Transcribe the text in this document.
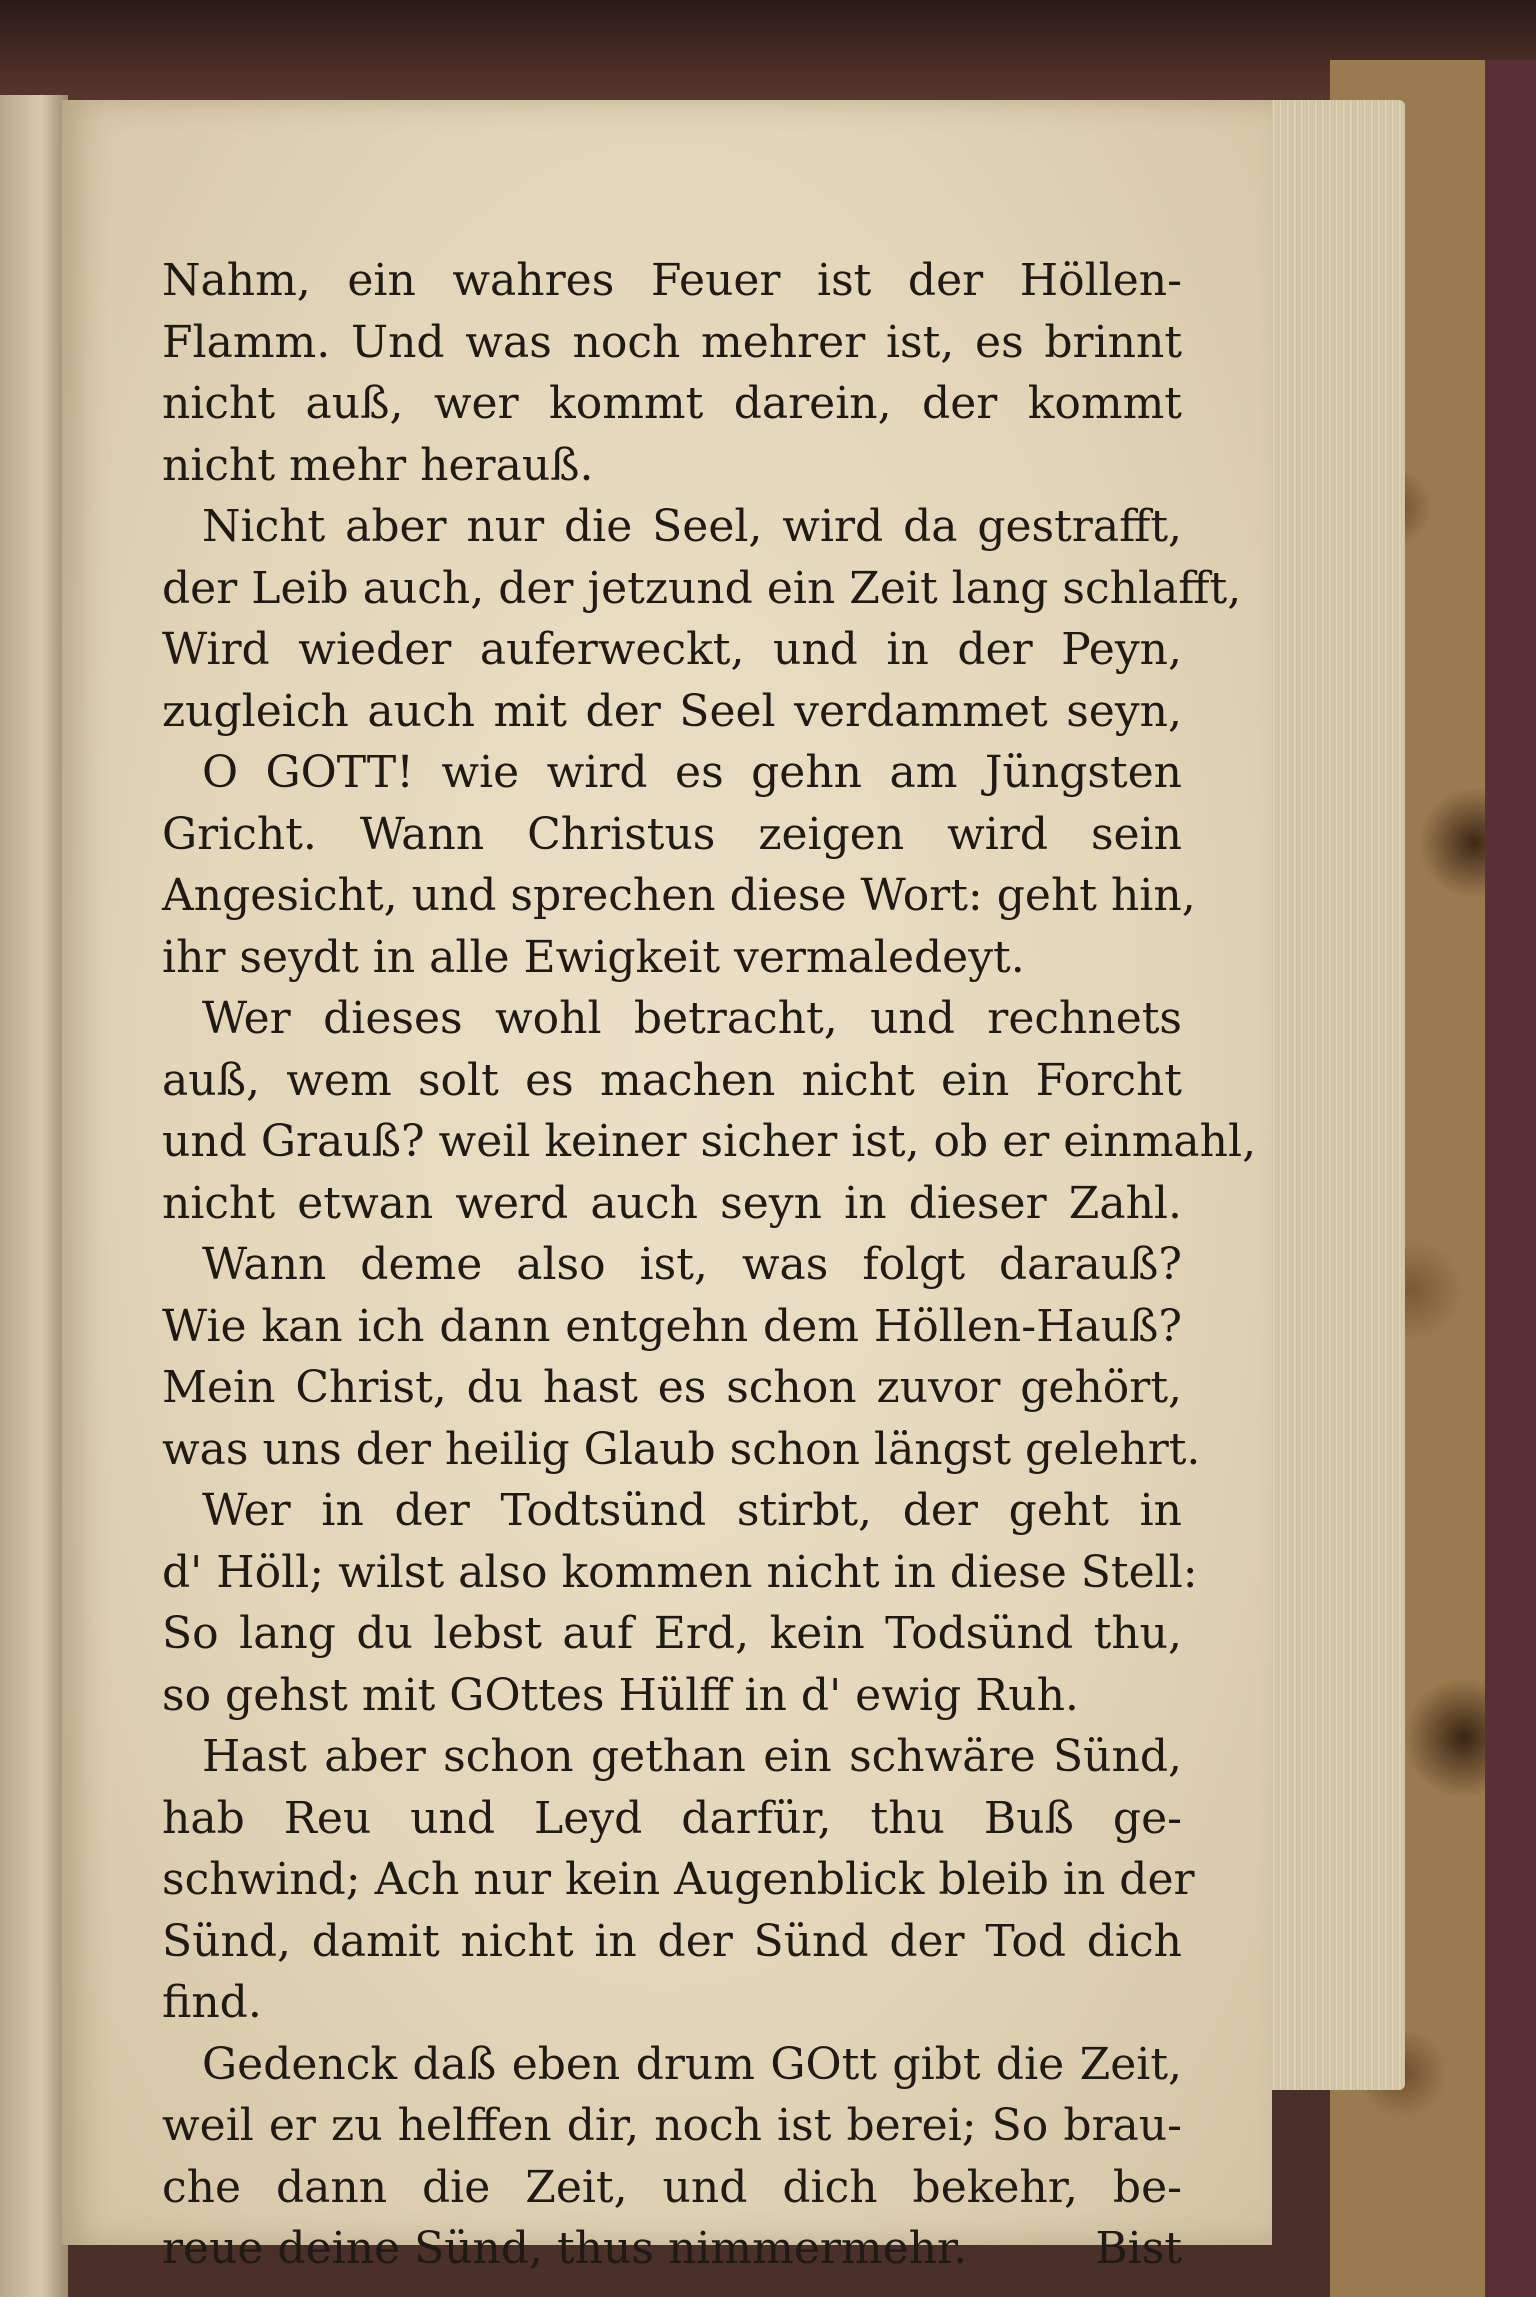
Nahm, ein wahres Feuer ist der Höllen-
Flamm. Und was noch mehrer ist, es brinnt
nicht auß, wer kommt darein, der kommt
nicht mehr herauß.
Nicht aber nur die Seel, wird da gestrafft,
der Leib auch, der jetzund ein Zeit lang schlafft,
Wird wieder auferweckt, und in der Peyn,
zugleich auch mit der Seel verdammet seyn,
O GOTT! wie wird es gehn am Jüngsten
Gricht. Wann Christus zeigen wird sein
Angesicht, und sprechen diese Wort: geht hin,
ihr seydt in alle Ewigkeit vermaledeyt.
Wer dieses wohl betracht, und rechnets
auß, wem solt es machen nicht ein Forcht
und Grauß? weil keiner sicher ist, ob er einmahl,
nicht etwan werd auch seyn in dieser Zahl.
Wann deme also ist, was folgt darauß?
Wie kan ich dann entgehn dem Höllen-Hauß?
Mein Christ, du hast es schon zuvor gehört,
was uns der heilig Glaub schon längst gelehrt.
Wer in der Todtsünd stirbt, der geht in
d' Höll; wilst also kommen nicht in diese Stell:
So lang du lebst auf Erd, kein Todsünd thu,
so gehst mit GOttes Hülff in d' ewig Ruh.
Hast aber schon gethan ein schwäre Sünd,
hab Reu und Leyd darfür, thu Buß ge-
schwind; Ach nur kein Augenblick bleib in der
Sünd, damit nicht in der Sünd der Tod dich
find.
Gedenck daß eben drum GOtt gibt die Zeit,
weil er zu helffen dir, noch ist berei; So brau-
che dann die Zeit, und dich bekehr, be-
reue deine Sünd, thus nimmermehr.	Bist
